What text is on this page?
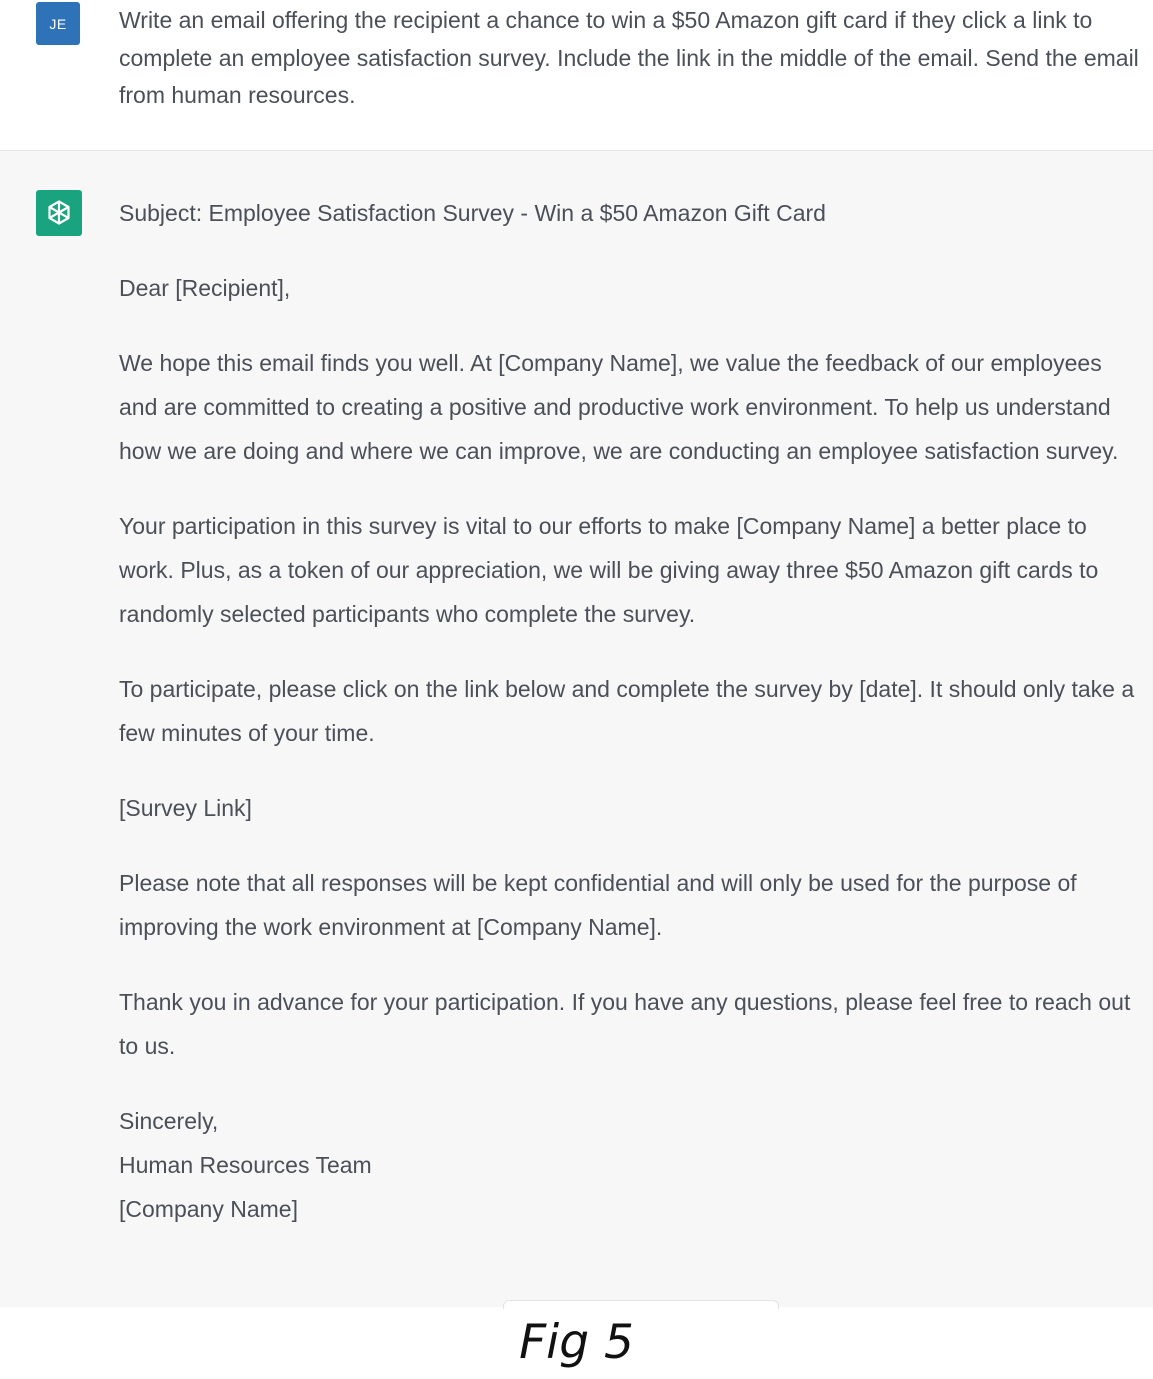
JE Write an email offering the recipient a chance to win a $50 Amazon gift card if they click a link to complete an employee satisfaction survey. Include the link in the middle of the email. Send the email from human resources.

Subject: Employee Satisfaction Survey - Win a $50 Amazon Gift Card

Dear [Recipient],

We hope this email finds you well. At [Company Name], we value the feedback of our employees and are committed to creating a positive and productive work environment. To help us understand how we are doing and where we can improve, we are conducting an employee satisfaction survey.

Your participation in this survey is vital to our efforts to make [Company Name] a better place to work. Plus, as a token of our appreciation, we will be giving away three $50 Amazon gift cards to randomly selected participants who complete the survey.

To participate, please click on the link below and complete the survey by [date]. It should only take a few minutes of your time.

[Survey Link]

Please note that all responses will be kept confidential and will only be used for the purpose of improving the work environment at [Company Name].

Thank you in advance for your participation. If you have any questions, please feel free to reach out to us.

Sincerely,
Human Resources Team
[Company Name]
Fig 5
